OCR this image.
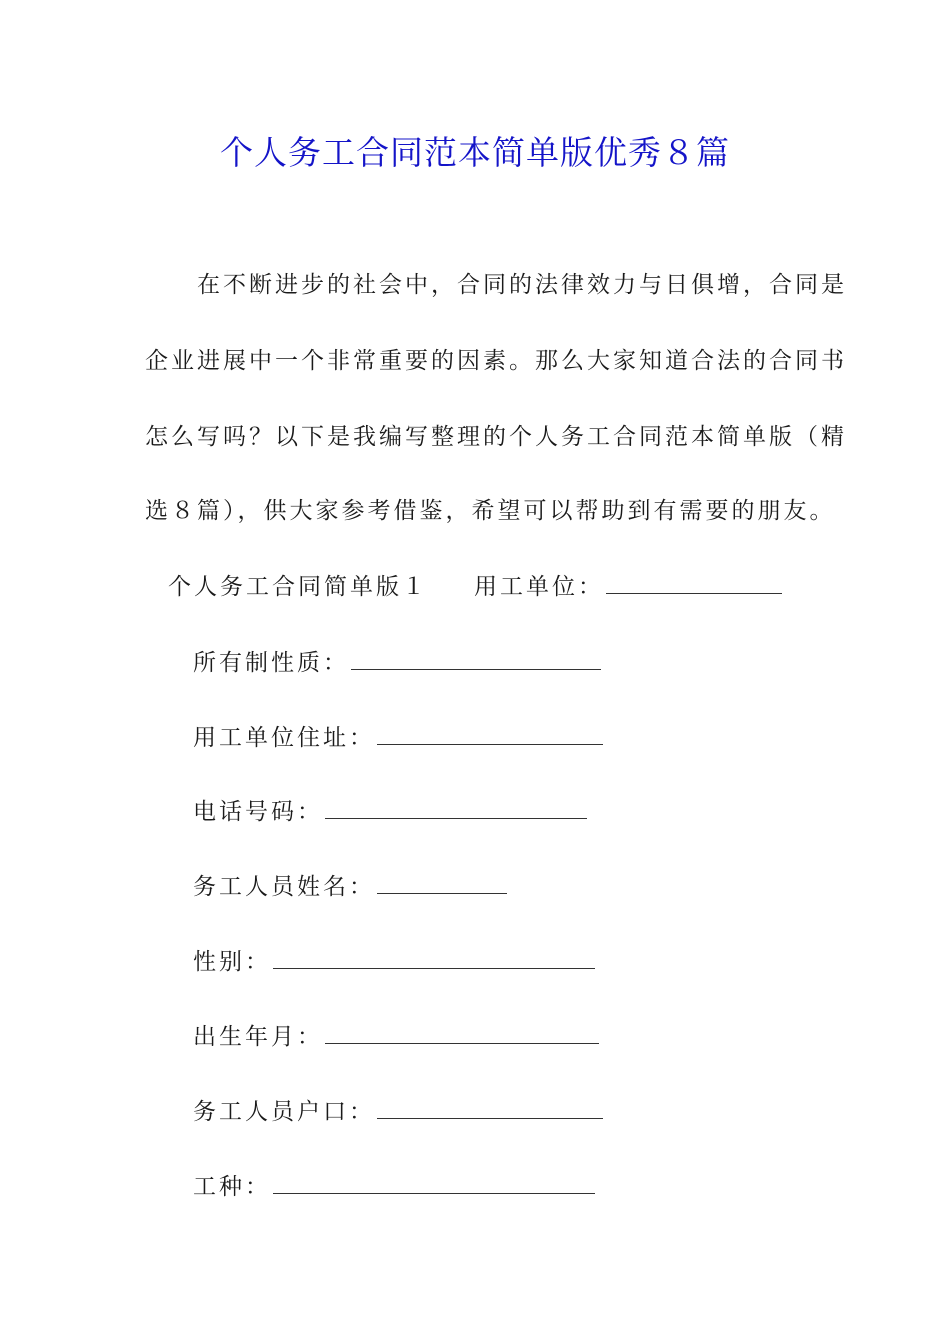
个人务工合同范本简单版优秀８篇
在不断进步的社会中，合同的法律效力与日俱增，合同是
企业进展中一个非常重要的因素。那么大家知道合法的合同书
怎么写吗？以下是我编写整理的个人务工合同范本简单版（精
选８篇），供大家参考借鉴，希望可以帮助到有需要的朋友。
个人务工合同简单版１ 用工单位：
所有制性质：
用工单位住址：
电话号码：
务工人员姓名：
性别：
出生年月：
务工人员户口：
工种：
